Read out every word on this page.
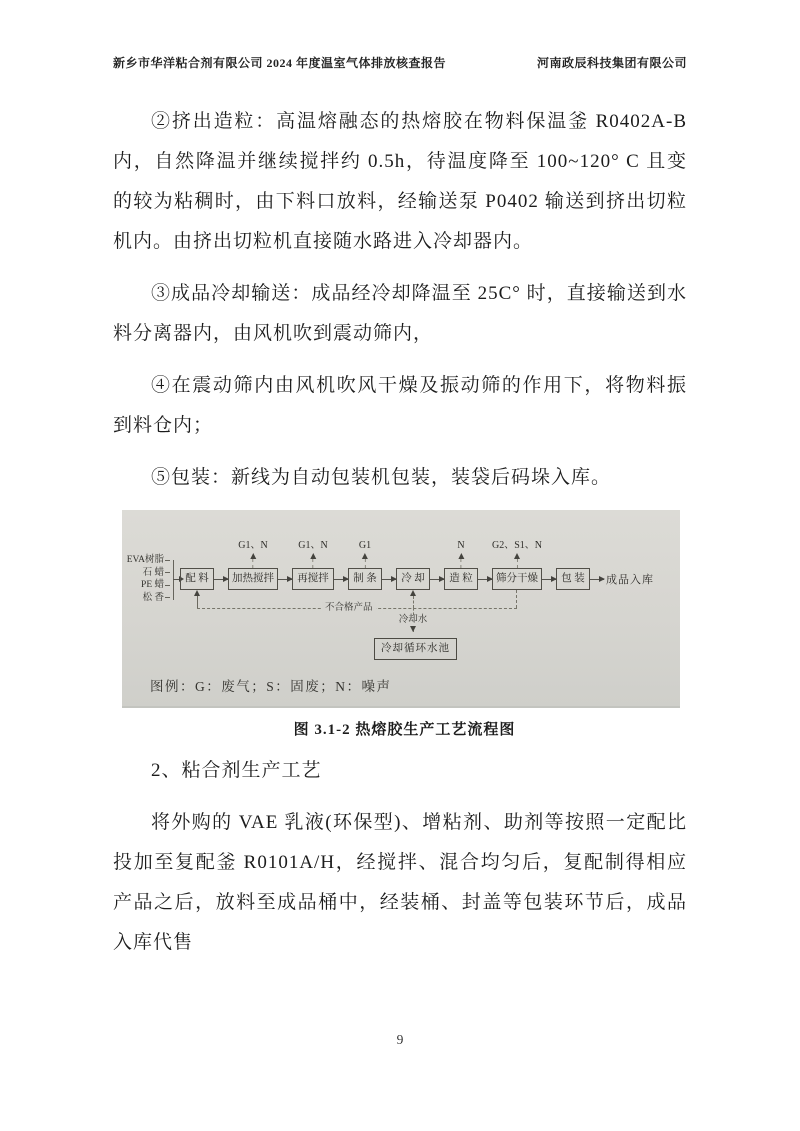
新乡市华洋粘合剂有限公司 2024 年度温室气体排放核查报告	河南政辰科技集团有限公司

②挤出造粒：高温熔融态的热熔胶在物料保温釜 R0402A-B 内，自然降温并继续搅拌约 0.5h，待温度降至 100~120° C 且变的较为粘稠时，由下料口放料，经输送泵 P0402 输送到挤出切粒机内。由挤出切粒机直接随水路进入冷却器内。

③成品冷却输送：成品经冷却降温至 25C° 时，直接输送到水料分离器内，由风机吹到震动筛内，

④在震动筛内由风机吹风干燥及振动筛的作用下，将物料振到料仓内；

⑤包装：新线为自动包装机包装，装袋后码垛入库。

EVA树脂
石 蜡
PE 蜡
松 香
配 料
G1、N
加热搅拌
G1、N
再搅拌
G1
制 条	冷 却
N
造 粒
G2、S1、N
筛分干燥	包 装	成品入库
不合格产品
冷却水
冷却循环水池
图例：G：废气；S：固废；N：噪声
图 3.1-2 热熔胶生产工艺流程图
2、粘合剂生产工艺

将外购的 VAE 乳液(环保型)、增粘剂、助剂等按照一定配比投加至复配釜 R0101A/H，经搅拌、混合均匀后，复配制得相应产品之后，放料至成品桶中，经装桶、封盖等包装环节后，成品入库代售

9
